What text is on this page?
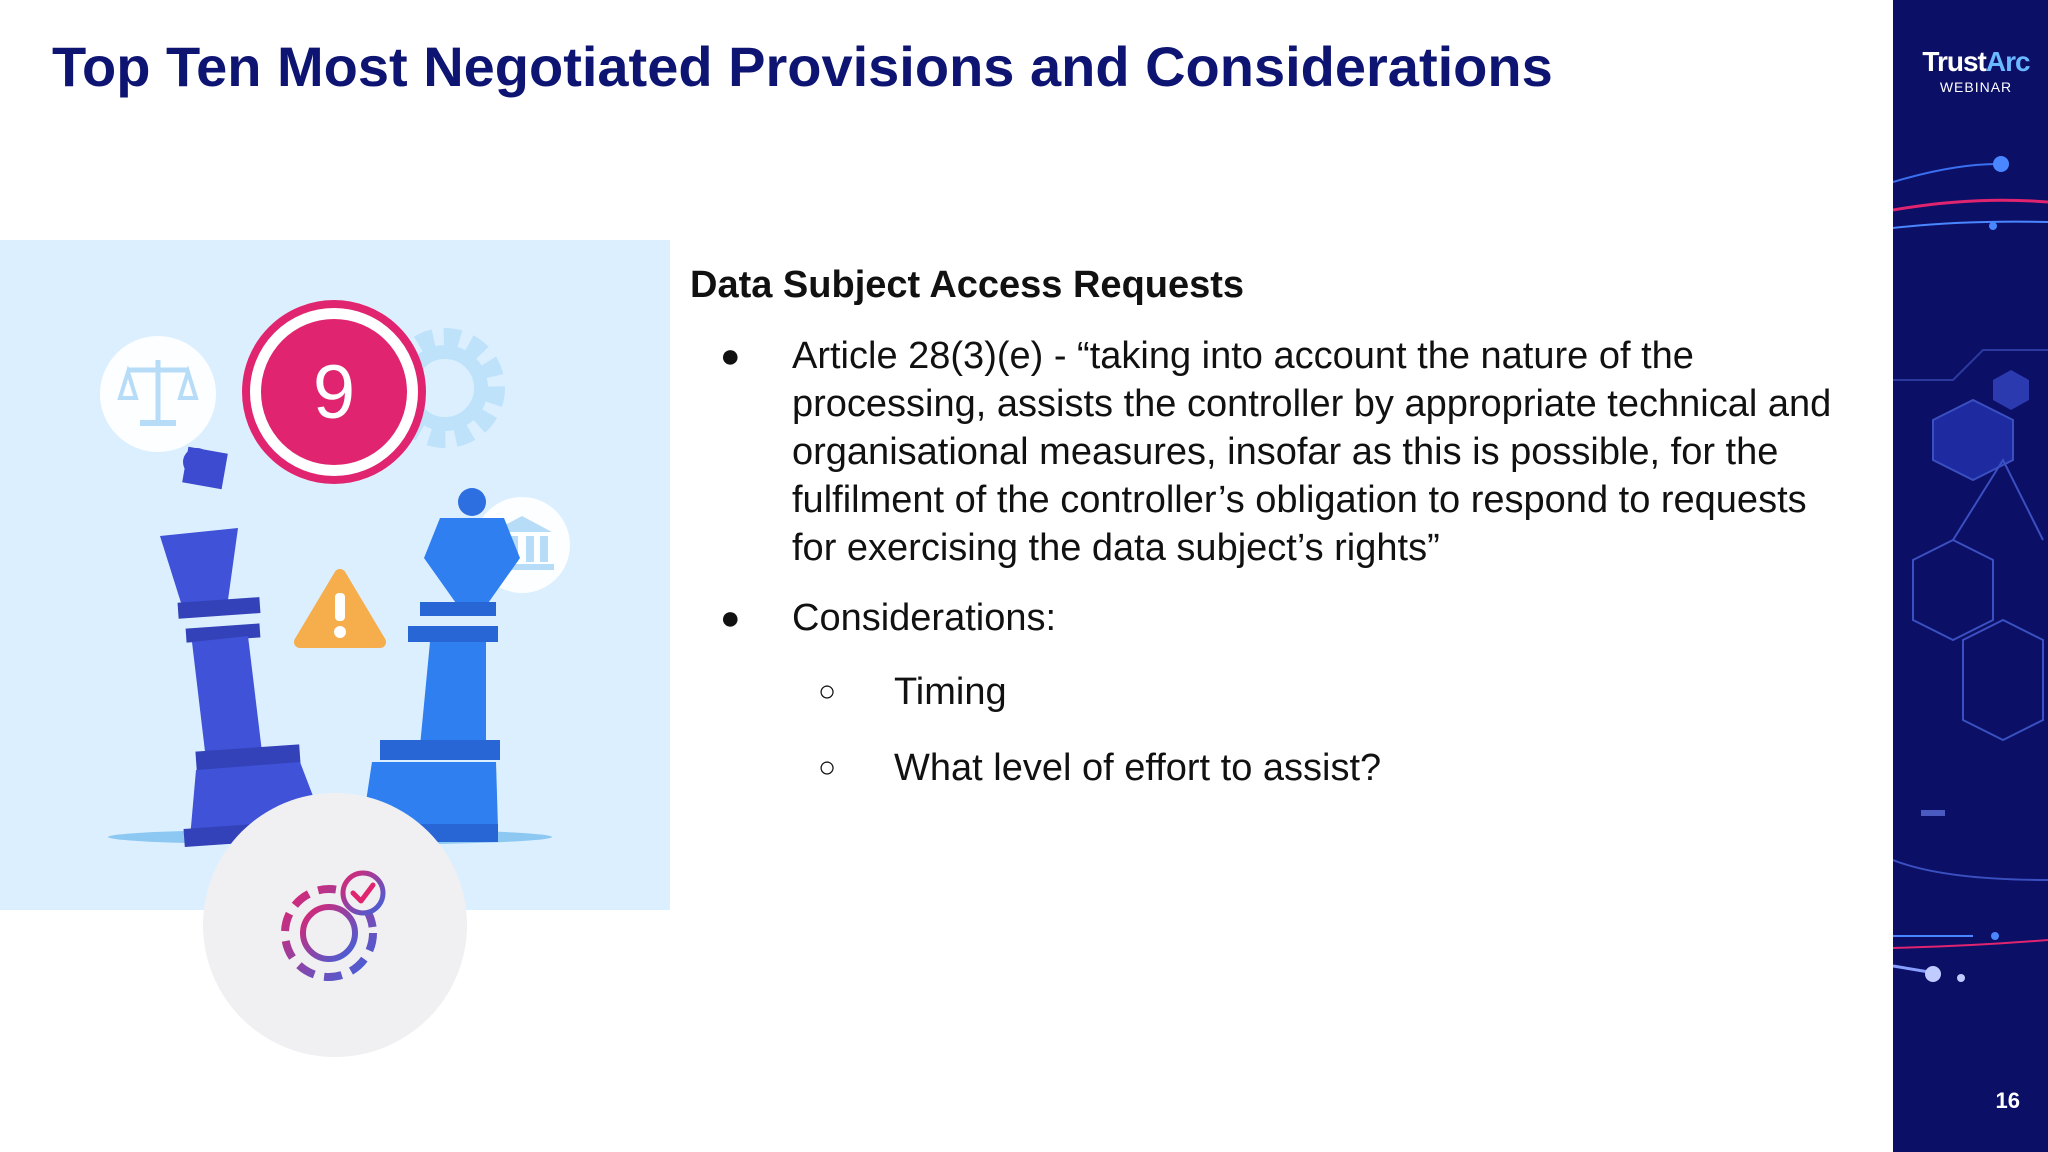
Top Ten Most Negotiated Provisions and Considerations
9
Data Subject Access Requests
● Article 28(3)(e) - “taking into account the nature of the processing, assists the controller by appropriate technical and organisational measures, insofar as this is possible, for the fulfilment of the controller’s obligation to respond to requests for exercising the data subject’s rights”
● Considerations:
○ Timing
○ What level of effort to assist?
TrustArc
WEBINAR
16
